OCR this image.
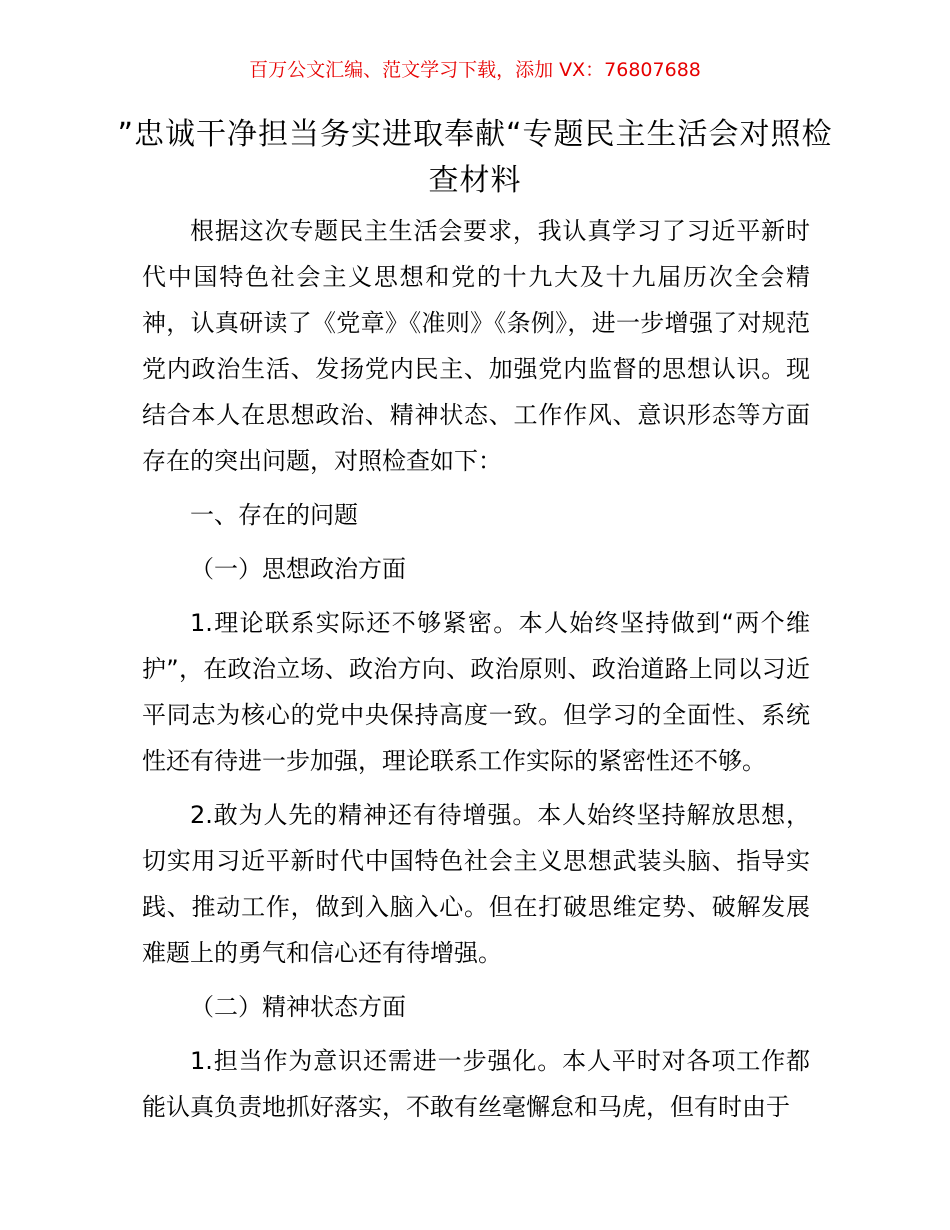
百万公文汇编、范文学习下载，添加 VX：76807688
”忠诚干净担当务实进取奉献“专题民主生活会对照检查材料

根据这次专题民主生活会要求，我认真学习了习近平新时代中国特色社会主义思想和党的十九大及十九届历次全会精神，认真研读了《党章》《准则》《条例》，进一步增强了对规范党内政治生活、发扬党内民主、加强党内监督的思想认识。现结合本人在思想政治、精神状态、工作作风、意识形态等方面存在的突出问题，对照检查如下：

一、存在的问题

（一）思想政治方面

1.理论联系实际还不够紧密。本人始终坚持做到“两个维护”，在政治立场、政治方向、政治原则、政治道路上同以习近平同志为核心的党中央保持高度一致。但学习的全面性、系统性还有待进一步加强，理论联系工作实际的紧密性还不够。

2.敢为人先的精神还有待增强。本人始终坚持解放思想，切实用习近平新时代中国特色社会主义思想武装头脑、指导实践、推动工作，做到入脑入心。但在打破思维定势、破解发展难题上的勇气和信心还有待增强。

（二）精神状态方面

1.担当作为意识还需进一步强化。本人平时对各项工作都能认真负责地抓好落实，不敢有丝毫懈怠和马虎，但有时由于
